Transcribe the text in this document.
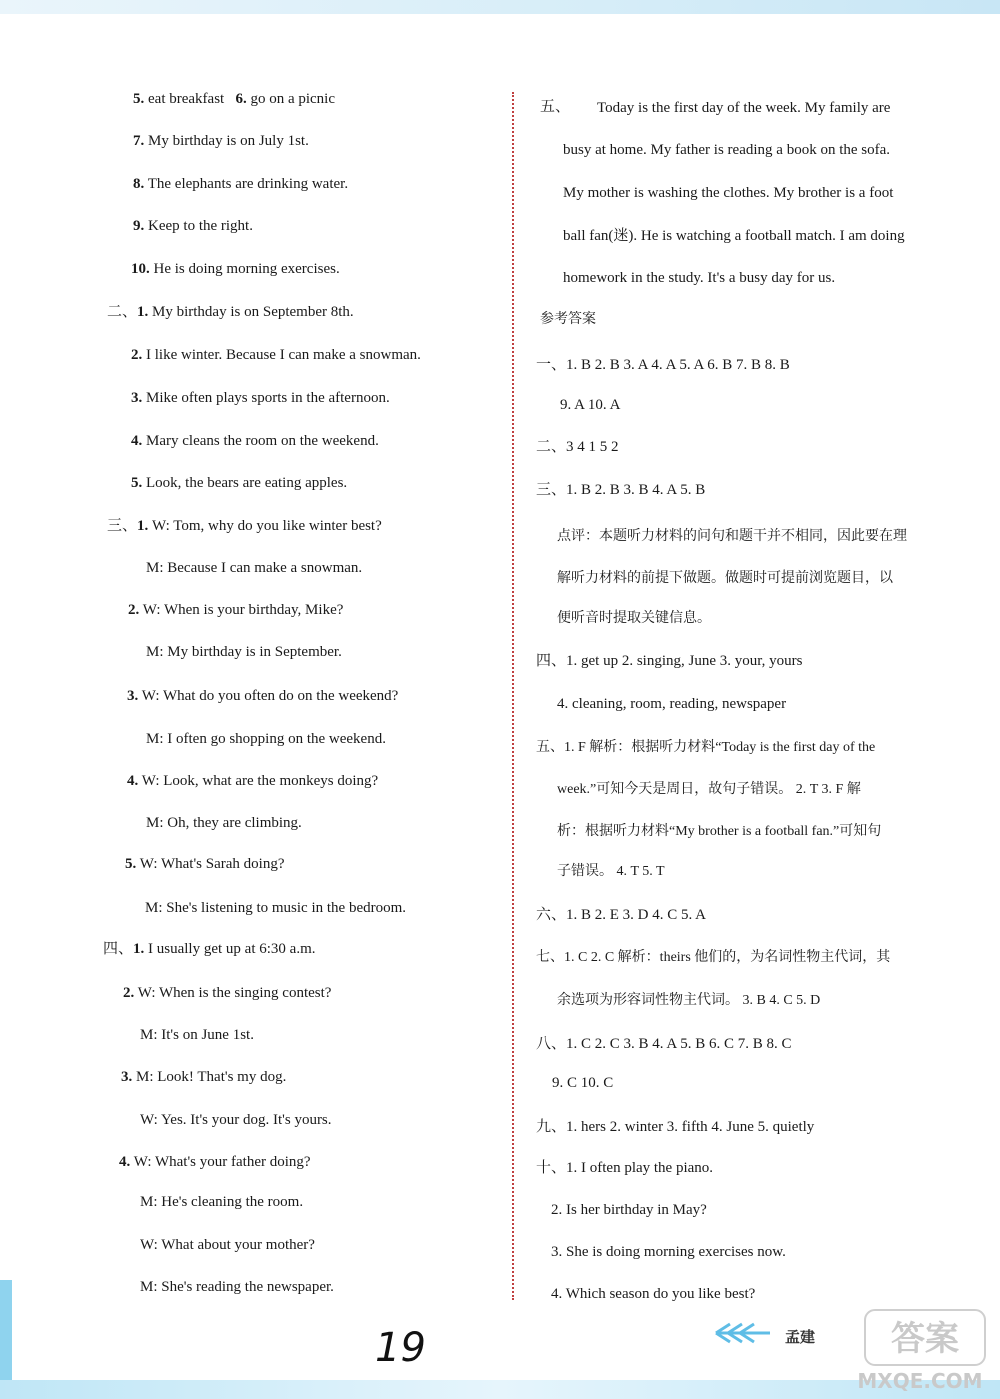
5. eat breakfast 6. go on a picnic
7. My birthday is on July 1st.
8. The elephants are drinking water.
9. Keep to the right.
10. He is doing morning exercises.
二、1. My birthday is on September 8th.
2. I like winter. Because I can make a snowman.
3. Mike often plays sports in the afternoon.
4. Mary cleans the room on the weekend.
5. Look, the bears are eating apples.
三、1. W: Tom, why do you like winter best?
M: Because I can make a snowman.
2. W: When is your birthday, Mike?
M: My birthday is in September.
3. W: What do you often do on the weekend?
M: I often go shopping on the weekend.
4. W: Look, what are the monkeys doing?
M: Oh, they are climbing.
5. W: What's Sarah doing?
M: She's listening to music in the bedroom.
四、1. I usually get up at 6:30 a.m.
2. W: When is the singing contest?
M: It's on June 1st.
3. M: Look! That's my dog.
W: Yes. It's your dog. It's yours.
4. W: What's your father doing?
M: He's cleaning the room.
W: What about your mother?
M: She's reading the newspaper.
五、 Today is the first day of the week. My family are
busy at home. My father is reading a book on the sofa.
My mother is washing the clothes. My brother is a foot
ball fan(迷). He is watching a football match. I am doing
homework in the study. It's a busy day for us.
参考答案
一、1. B 2. B 3. A 4. A 5. A 6. B 7. B 8. B
9. A 10. A
二、3 4 1 5 2
三、1. B 2. B 3. B 4. A 5. B
点评：本题听力材料的问句和题干并不相同，因此要在理
解听力材料的前提下做题。做题时可提前浏览题目，以
便听音时提取关键信息。
四、1. get up 2. singing, June 3. your, yours
4. cleaning, room, reading, newspaper
五、1. F 解析：根据听力材料“Today is the first day of the
week.”可知今天是周日，故句子错误。 2. T 3. F 解
析：根据听力材料“My brother is a football fan.”可知句
子错误。 4. T 5. T
六、1. B 2. E 3. D 4. C 5. A
七、1. C 2. C 解析：theirs 他们的，为名词性物主代词，其
余选项为形容词性物主代词。 3. B 4. C 5. D
八、1. C 2. C 3. B 4. A 5. B 6. C 7. B 8. C
9. C 10. C
九、1. hers 2. winter 3. fifth 4. June 5. quietly
十、1. I often play the piano.
2. Is her birthday in May?
3. She is doing morning exercises now.
4. Which season do you like best?
19	孟建 答案
MXQE.COM
